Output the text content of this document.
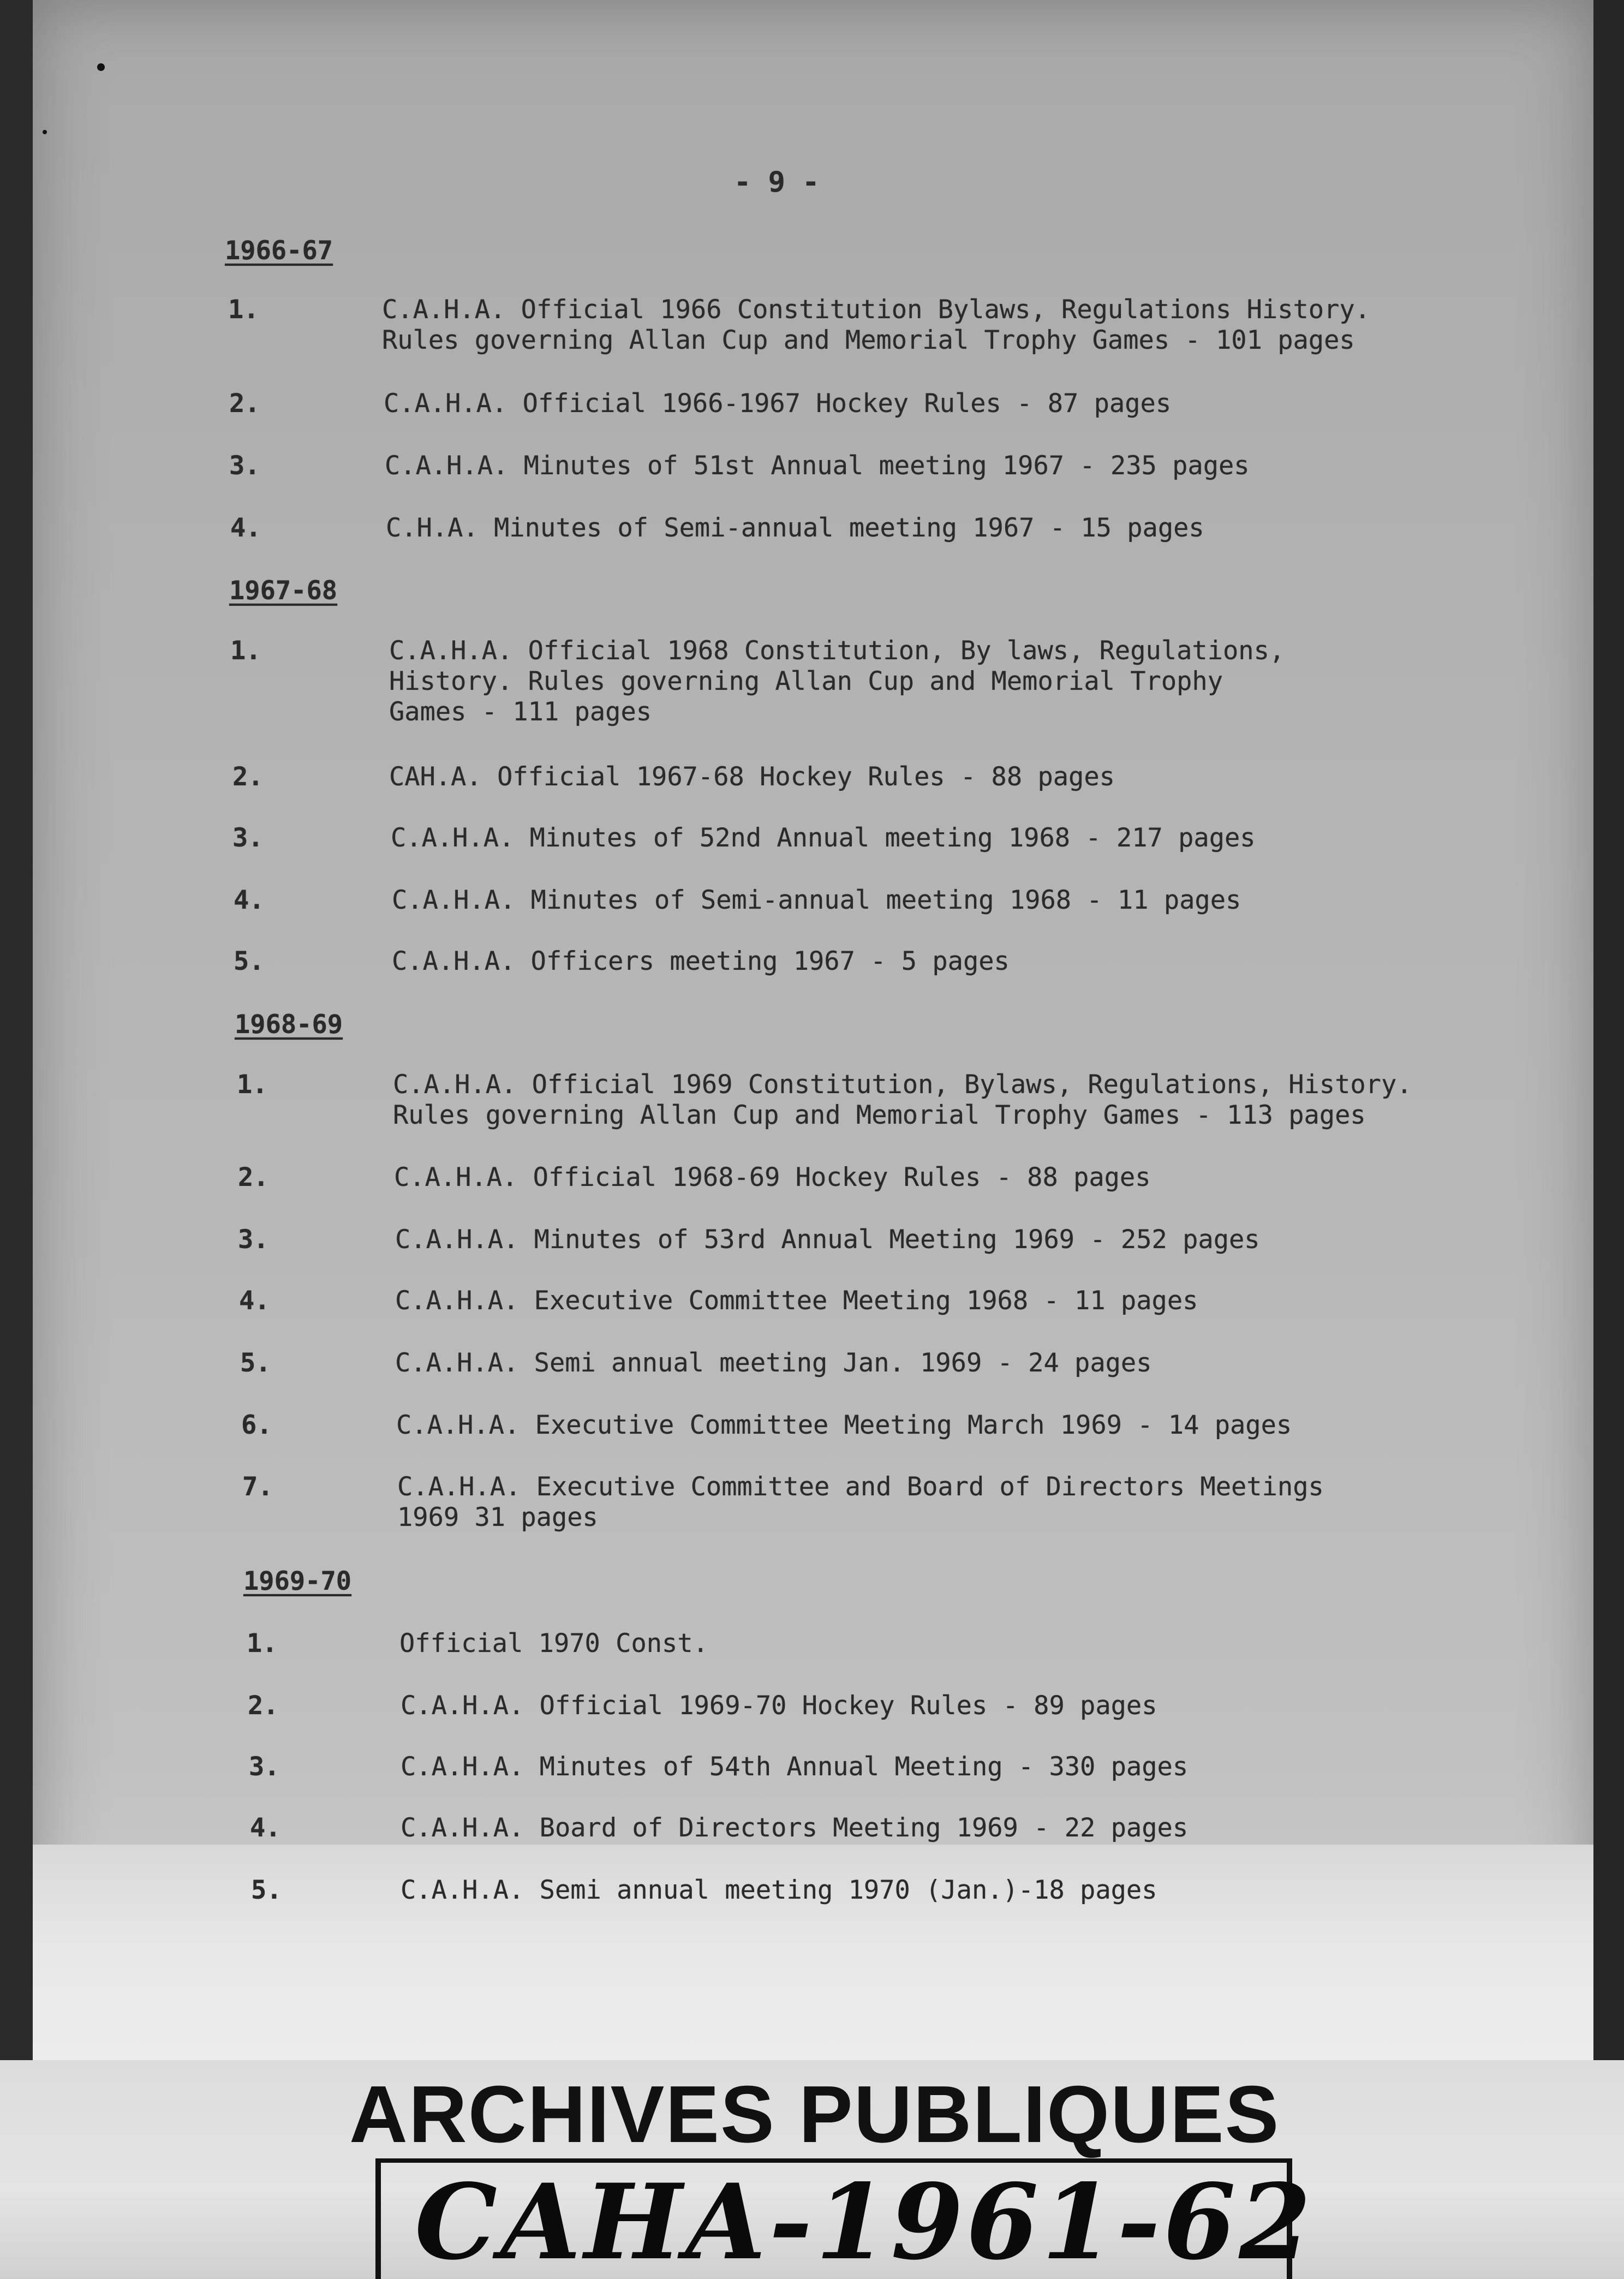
- 9 -
1966-67
1.	C.A.H.A. Official 1966 Constitution Bylaws, Regulations History.
Rules governing Allan Cup and Memorial Trophy Games - 101 pages
2.	C.A.H.A. Official 1966-1967 Hockey Rules - 87 pages
3.	C.A.H.A. Minutes of 51st Annual meeting 1967 - 235 pages
4.	C.H.A. Minutes of Semi-annual meeting 1967 - 15 pages
1967-68
1.	C.A.H.A. Official 1968 Constitution, By laws, Regulations,
History. Rules governing Allan Cup and Memorial Trophy
Games - 111 pages
2.	CAH.A. Official 1967-68 Hockey Rules - 88 pages
3.	C.A.H.A. Minutes of 52nd Annual meeting 1968 - 217 pages
4.	C.A.H.A. Minutes of Semi-annual meeting 1968 - 11 pages
5.	C.A.H.A. Officers meeting 1967 - 5 pages
1968-69
1.	C.A.H.A. Official 1969 Constitution, Bylaws, Regulations, History.
Rules governing Allan Cup and Memorial Trophy Games - 113 pages
2.	C.A.H.A. Official 1968-69 Hockey Rules - 88 pages
3.	C.A.H.A. Minutes of 53rd Annual Meeting 1969 - 252 pages
4.	C.A.H.A. Executive Committee Meeting 1968 - 11 pages
5.	C.A.H.A. Semi annual meeting Jan. 1969 - 24 pages
6.	C.A.H.A. Executive Committee Meeting March 1969 - 14 pages
7.	C.A.H.A. Executive Committee and Board of Directors Meetings
1969 31 pages
1969-70
1.	Official 1970 Const.
2.	C.A.H.A. Official 1969-70 Hockey Rules - 89 pages
3.	C.A.H.A. Minutes of 54th Annual Meeting - 330 pages
4.	C.A.H.A. Board of Directors Meeting 1969 - 22 pages
5.	C.A.H.A. Semi annual meeting 1970 (Jan.)-18 pages
ARCHIVES PUBLIQUES
CAHA-1961-62
